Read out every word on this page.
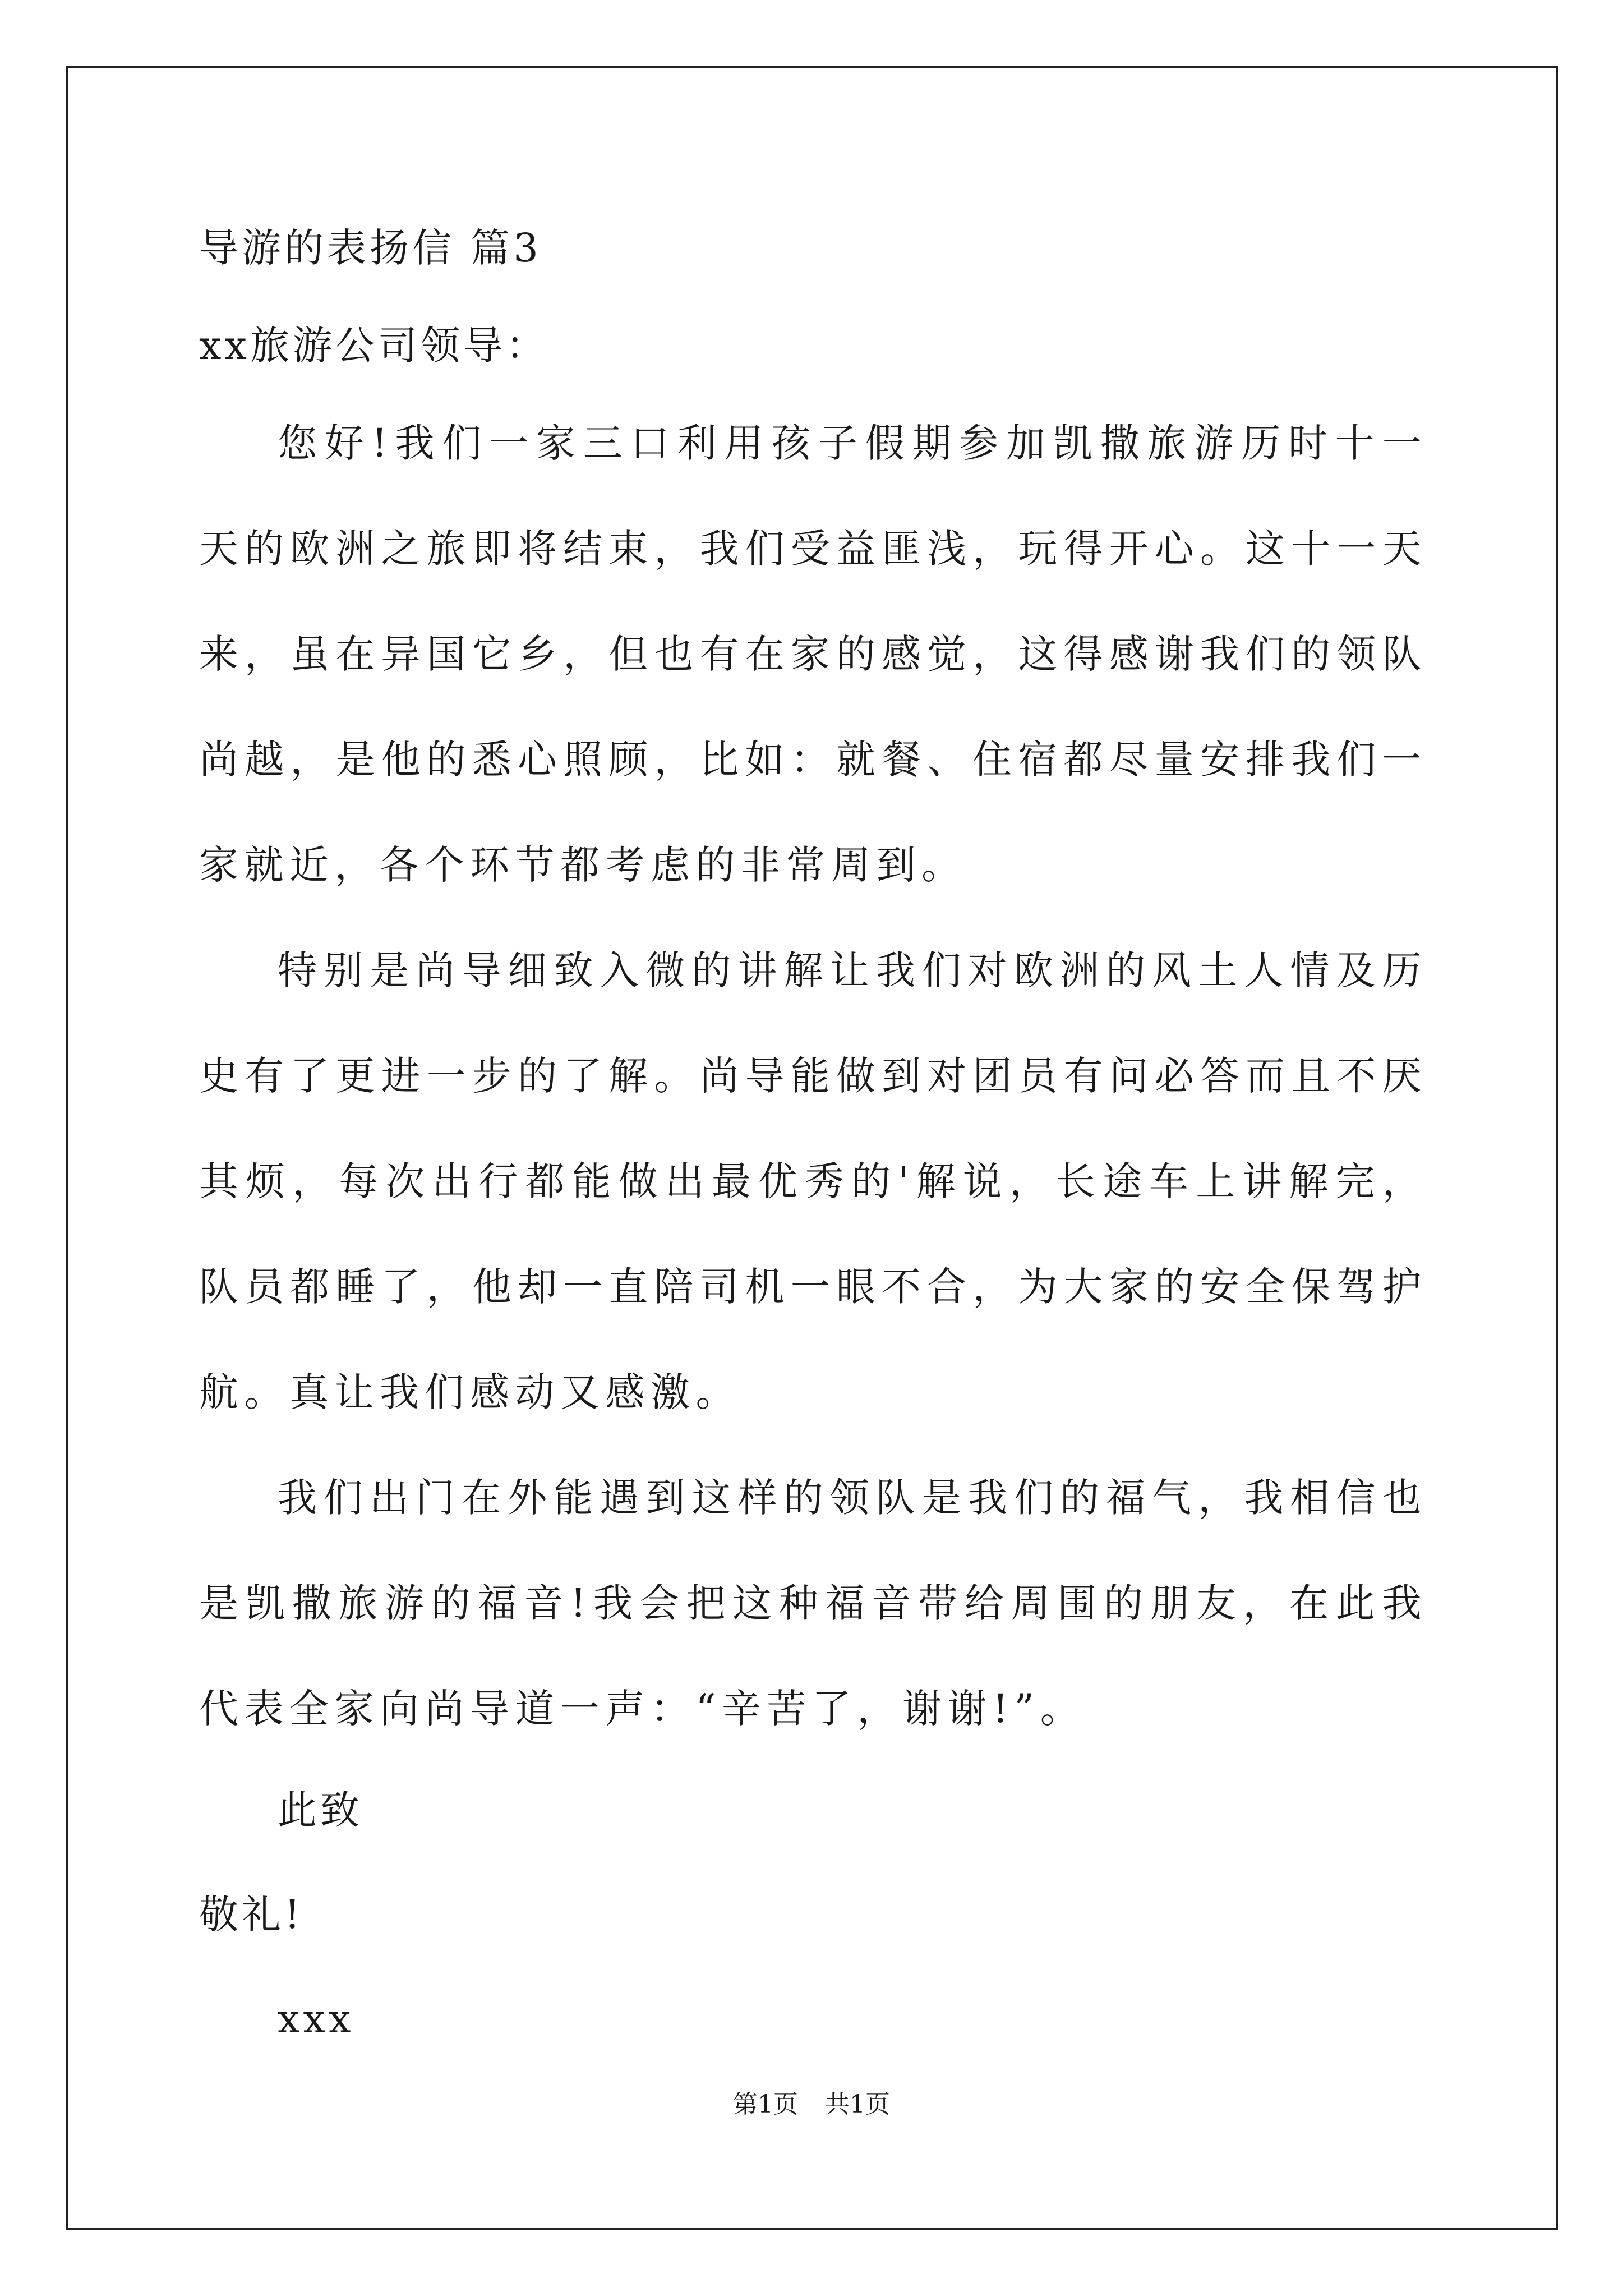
导游的表扬信 篇3
xx旅游公司领导：

您好!我们一家三口利用孩子假期参加凯撒旅游历时十一天的欧洲之旅即将结束，我们受益匪浅，玩得开心。这十一天来，虽在异国它乡，但也有在家的感觉，这得感谢我们的领队尚越，是他的悉心照顾，比如：就餐、住宿都尽量安排我们一家就近，各个环节都考虑的非常周到。

特别是尚导细致入微的讲解让我们对欧洲的风土人情及历史有了更进一步的了解。尚导能做到对团员有问必答而且不厌其烦，每次出行都能做出最优秀的'解说，长途车上讲解完，队员都睡了，他却一直陪司机一眼不合，为大家的安全保驾护航。真让我们感动又感激。

我们出门在外能遇到这样的领队是我们的福气，我相信也是凯撒旅游的福音!我会把这种福音带给周围的朋友，在此我代表全家向尚导道一声：“辛苦了，谢谢!”。

此致
敬礼!
xxx
第1页 共1页
